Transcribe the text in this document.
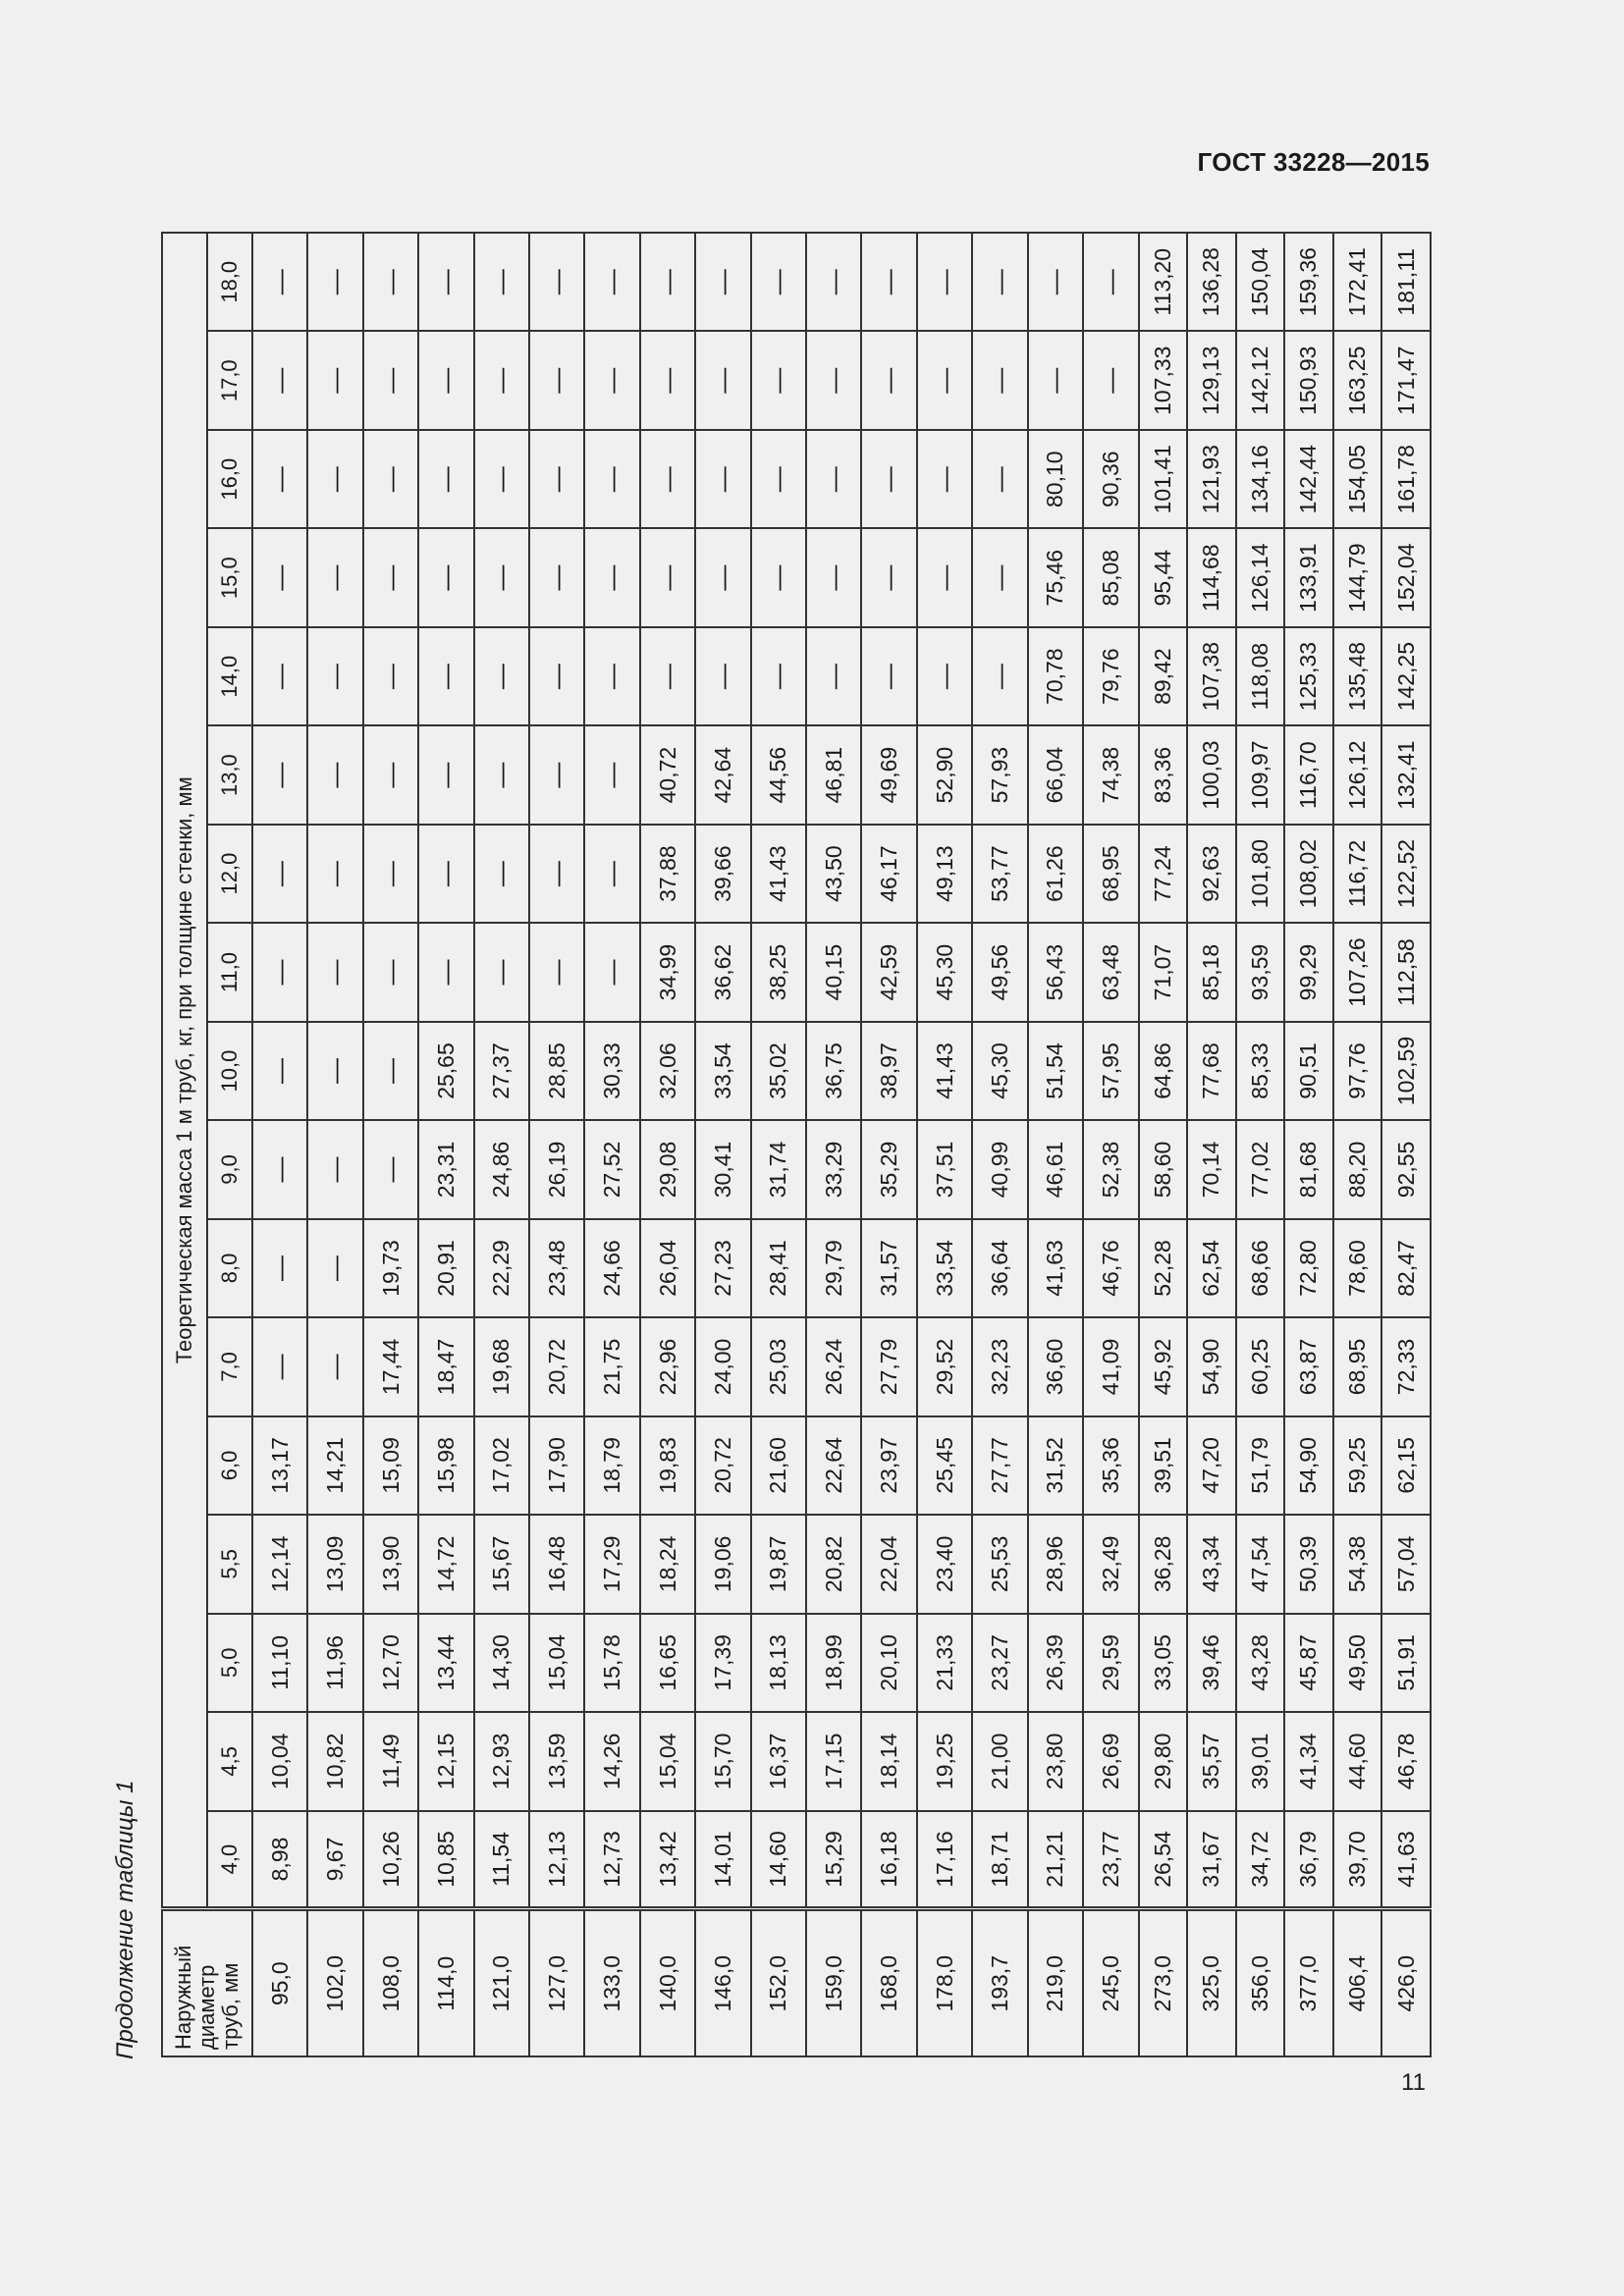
ГОСТ 33228—2015
Продолжение таблицы 1 Наружный диаметр труб, мм	Теоретическая масса 1 м труб, кг, при толщине стенки, мм																
	4,0	4,5	5,0	5,5	6,0	7,0	8,0	9,0	10,0	11,0	12,0	13,0	14,0	15,0	16,0	17,0	18,0
95,0	8,98	10,04	11,10	12,14	13,17	—	—	—	—	—	—	—	—	—	—	—	—
102,0	9,67	10,82	11,96	13,09	14,21	—	—	—	—	—	—	—	—	—	—	—	—
108,0	10,26	11,49	12,70	13,90	15,09	17,44	19,73	—	—	—	—	—	—	—	—	—	—
114,0	10,85	12,15	13,44	14,72	15,98	18,47	20,91	23,31	25,65	—	—	—	—	—	—	—	—
121,0	11,54	12,93	14,30	15,67	17,02	19,68	22,29	24,86	27,37	—	—	—	—	—	—	—	—
127,0	12,13	13,59	15,04	16,48	17,90	20,72	23,48	26,19	28,85	—	—	—	—	—	—	—	—
133,0	12,73	14,26	15,78	17,29	18,79	21,75	24,66	27,52	30,33	—	—	—	—	—	—	—	—
140,0	13,42	15,04	16,65	18,24	19,83	22,96	26,04	29,08	32,06	34,99	37,88	40,72	—	—	—	—	—
146,0	14,01	15,70	17,39	19,06	20,72	24,00	27,23	30,41	33,54	36,62	39,66	42,64	—	—	—	—	—
152,0	14,60	16,37	18,13	19,87	21,60	25,03	28,41	31,74	35,02	38,25	41,43	44,56	—	—	—	—	—
159,0	15,29	17,15	18,99	20,82	22,64	26,24	29,79	33,29	36,75	40,15	43,50	46,81	—	—	—	—	—
168,0	16,18	18,14	20,10	22,04	23,97	27,79	31,57	35,29	38,97	42,59	46,17	49,69	—	—	—	—	—
178,0	17,16	19,25	21,33	23,40	25,45	29,52	33,54	37,51	41,43	45,30	49,13	52,90	—	—	—	—	—
193,7	18,71	21,00	23,27	25,53	27,77	32,23	36,64	40,99	45,30	49,56	53,77	57,93	—	—	—	—	—
219,0	21,21	23,80	26,39	28,96	31,52	36,60	41,63	46,61	51,54	56,43	61,26	66,04	70,78	75,46	80,10	—	—
245,0	23,77	26,69	29,59	32,49	35,36	41,09	46,76	52,38	57,95	63,48	68,95	74,38	79,76	85,08	90,36	—	—
273,0	26,54	29,80	33,05	36,28	39,51	45,92	52,28	58,60	64,86	71,07	77,24	83,36	89,42	95,44	101,41	107,33	113,20
325,0	31,67	35,57	39,46	43,34	47,20	54,90	62,54	70,14	77,68	85,18	92,63	100,03	107,38	114,68	121,93	129,13	136,28
356,0	34,72	39,01	43,28	47,54	51,79	60,25	68,66	77,02	85,33	93,59	101,80	109,97	118,08	126,14	134,16	142,12	150,04
377,0	36,79	41,34	45,87	50,39	54,90	63,87	72,80	81,68	90,51	99,29	108,02	116,70	125,33	133,91	142,44	150,93	159,36
406,4	39,70	44,60	49,50	54,38	59,25	68,95	78,60	88,20	97,76	107,26	116,72	126,12	135,48	144,79	154,05	163,25	172,41
426,0	41,63	46,78	51,91	57,04	62,15	72,33	82,47	92,55	102,59	112,58	122,52	132,41	142,25	152,04	161,78	171,47	181,11
11
